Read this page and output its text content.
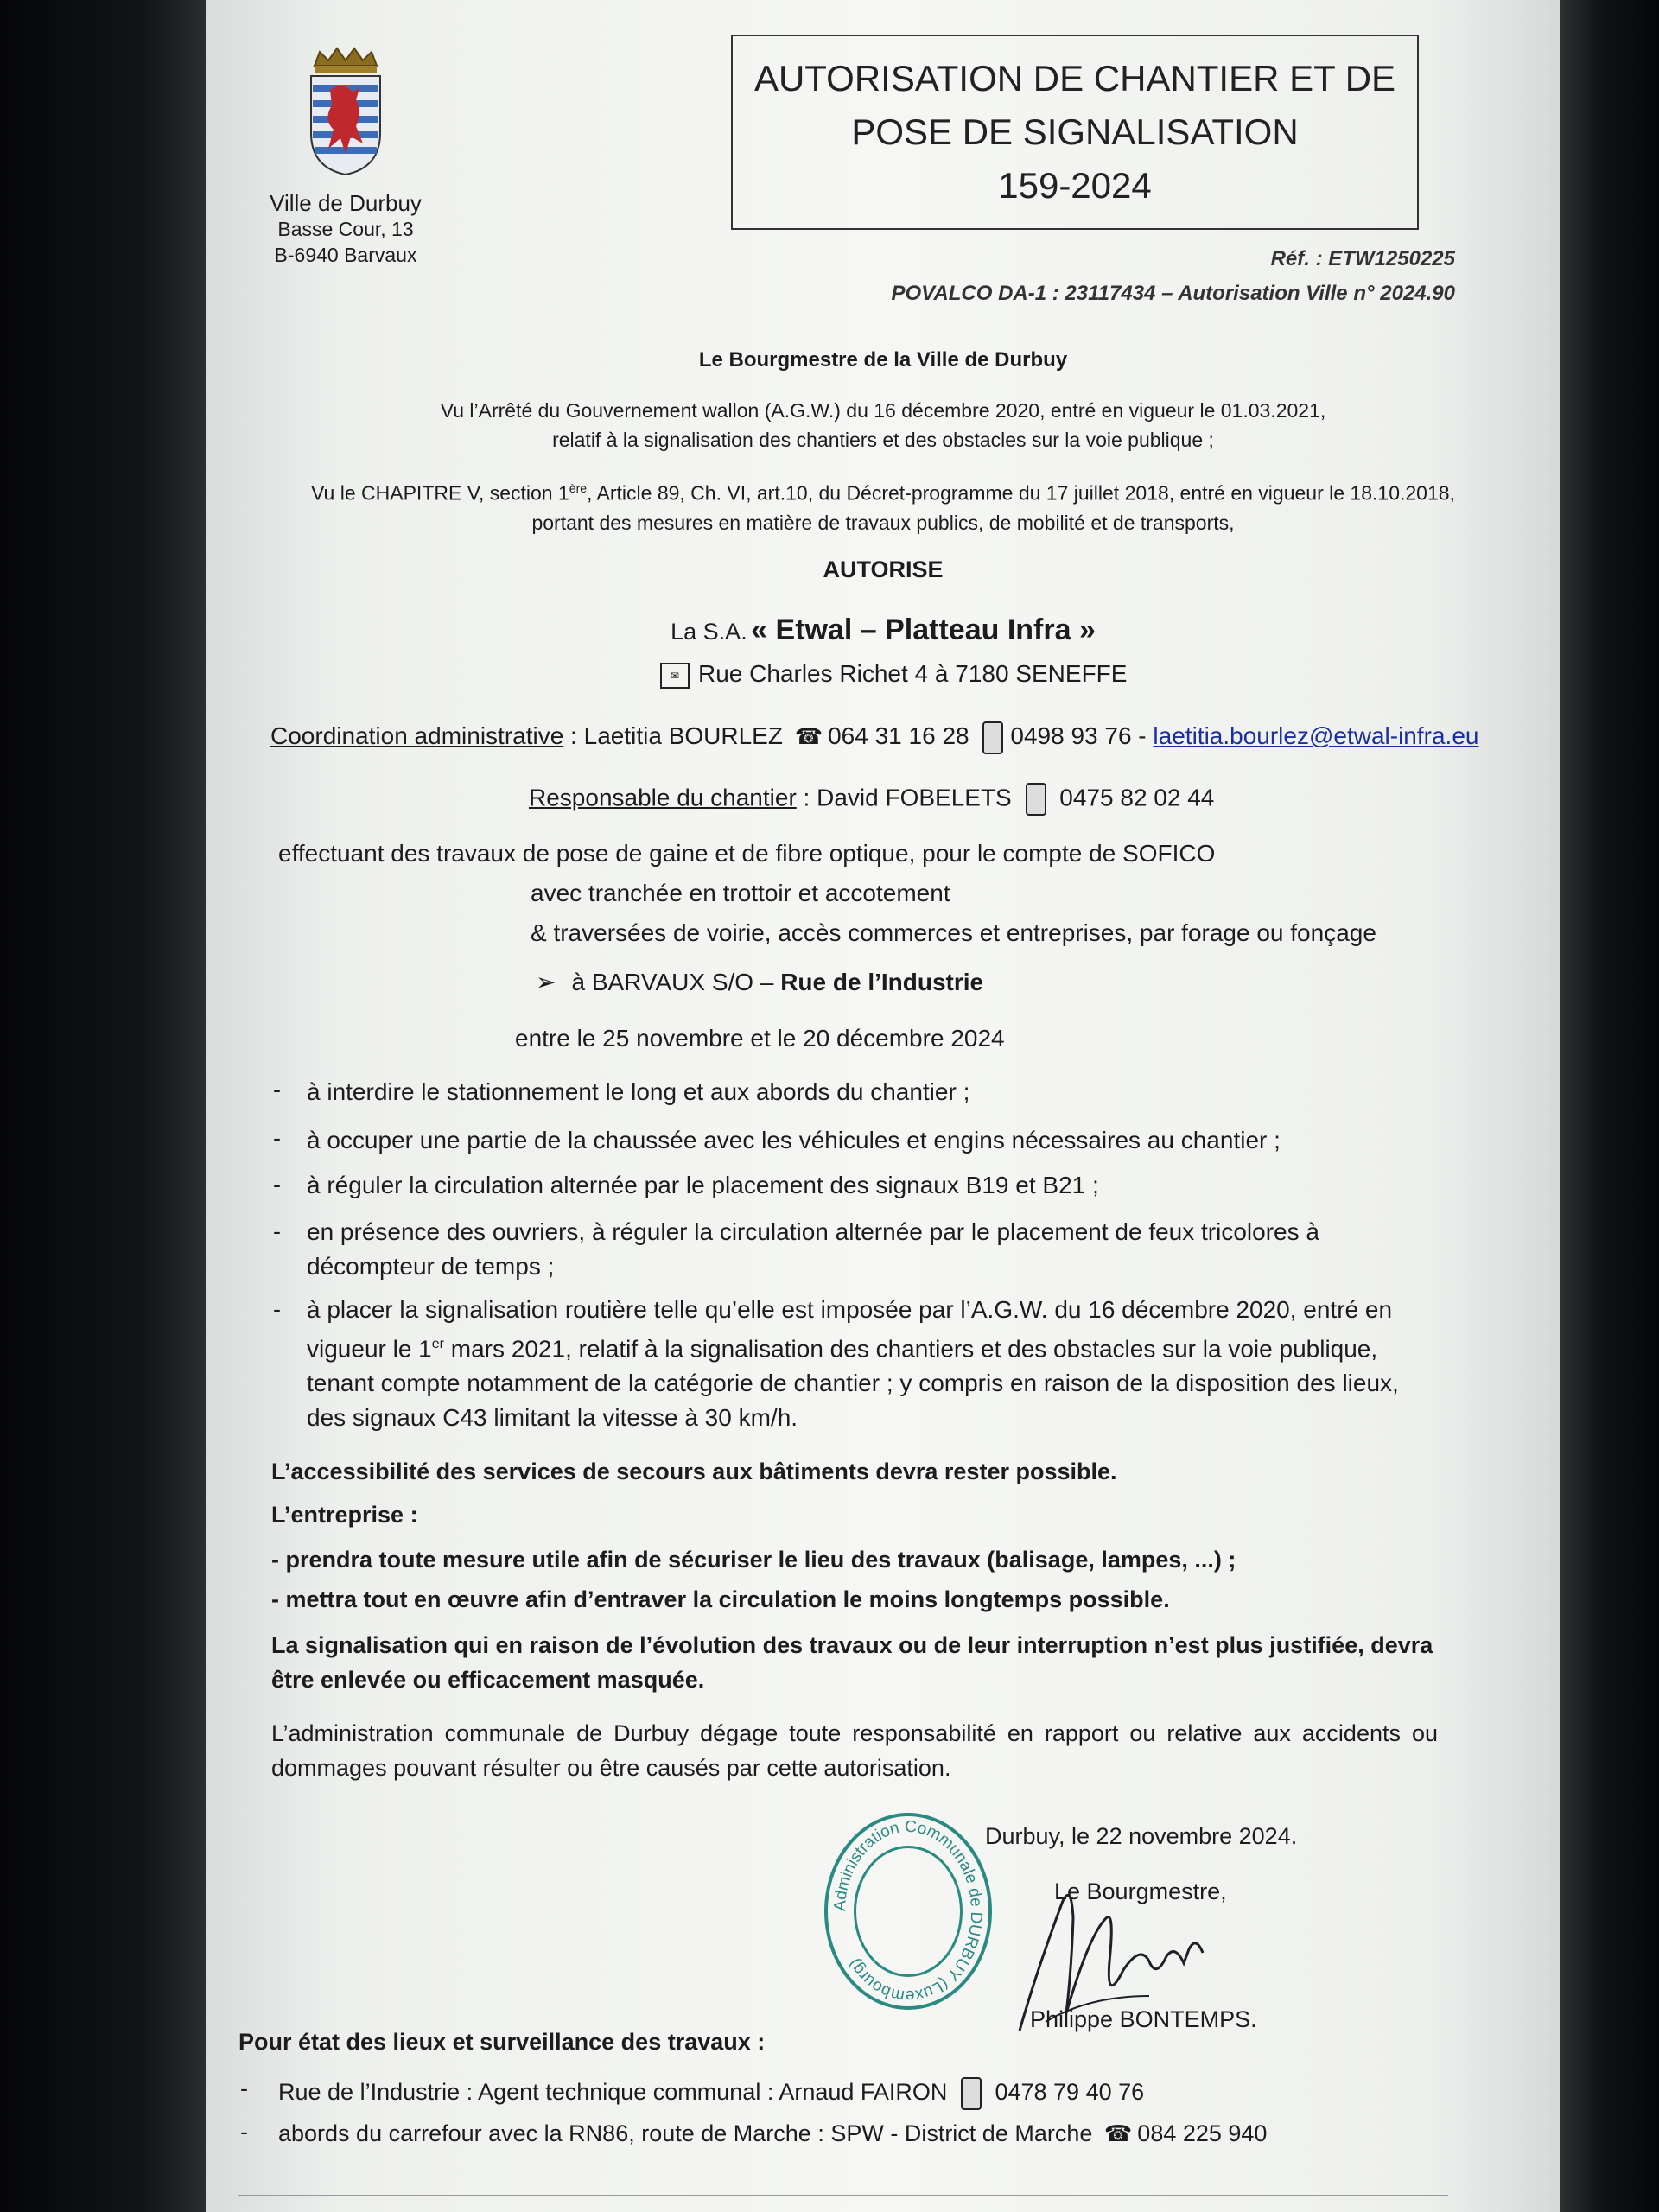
Ville de Durbuy
Basse Cour, 13
B-6940 Barvaux
AUTORISATION DE CHANTIER ET DE
POSE DE SIGNALISATION
159-2024
Réf. : ETW1250225
POVALCO DA-1 : 23117434 – Autorisation Ville n° 2024.90
Le Bourgmestre de la Ville de Durbuy
Vu l’Arrêté du Gouvernement wallon (A.G.W.) du 16 décembre 2020, entré en vigueur le 01.03.2021,
relatif à la signalisation des chantiers et des obstacles sur la voie publique ;
Vu le CHAPITRE V, section 1ère, Article 89, Ch. VI, art.10, du Décret-programme du 17 juillet 2018, entré en vigueur le 18.10.2018,
portant des mesures en matière de travaux publics, de mobilité et de transports,
AUTORISE
La S.A. « Etwal – Platteau Infra »
✉ Rue Charles Richet 4 à 7180 SENEFFE
Coordination administrative : Laetitia BOURLEZ ☎ 064 31 16 28 0498 93 76 - laetitia.bourlez@etwal-infra.eu
Responsable du chantier : David FOBELETS 0475 82 02 44
effectuant des travaux de pose de gaine et de fibre optique, pour le compte de SOFICO
avec tranchée en trottoir et accotement
& traversées de voirie, accès commerces et entreprises, par forage ou fonçage
➢ à BARVAUX S/O – Rue de l’Industrie
entre le 25 novembre et le 20 décembre 2024
- à interdire le stationnement le long et aux abords du chantier ;
- à occuper une partie de la chaussée avec les véhicules et engins nécessaires au chantier ;
- à réguler la circulation alternée par le placement des signaux B19 et B21 ;
- en présence des ouvriers, à réguler la circulation alternée par le placement de feux tricolores à décompteur de temps ;
- à placer la signalisation routière telle qu’elle est imposée par l’A.G.W. du 16 décembre 2020, entré en vigueur le 1er mars 2021, relatif à la signalisation des chantiers et des obstacles sur la voie publique, tenant compte notamment de la catégorie de chantier ; y compris en raison de la disposition des lieux, des signaux C43 limitant la vitesse à 30 km/h.
L’accessibilité des services de secours aux bâtiments devra rester possible.
L’entreprise :
- prendra toute mesure utile afin de sécuriser le lieu des travaux (balisage, lampes, ...) ;
- mettra tout en œuvre afin d’entraver la circulation le moins longtemps possible.
La signalisation qui en raison de l’évolution des travaux ou de leur interruption n’est plus justifiée, devra être enlevée ou efficacement masquée.
L’administration communale de Durbuy dégage toute responsabilité en rapport ou relative aux accidents ou dommages pouvant résulter ou être causés par cette autorisation.
Administration Communale de DURBUY (Luxembourg)
Durbuy, le 22 novembre 2024.
Le Bourgmestre,
Philippe BONTEMPS.
Pour état des lieux et surveillance des travaux :
- Rue de l’Industrie : Agent technique communal : Arnaud FAIRON 0478 79 40 76
- abords du carrefour avec la RN86, route de Marche : SPW - District de Marche ☎ 084 225 940
